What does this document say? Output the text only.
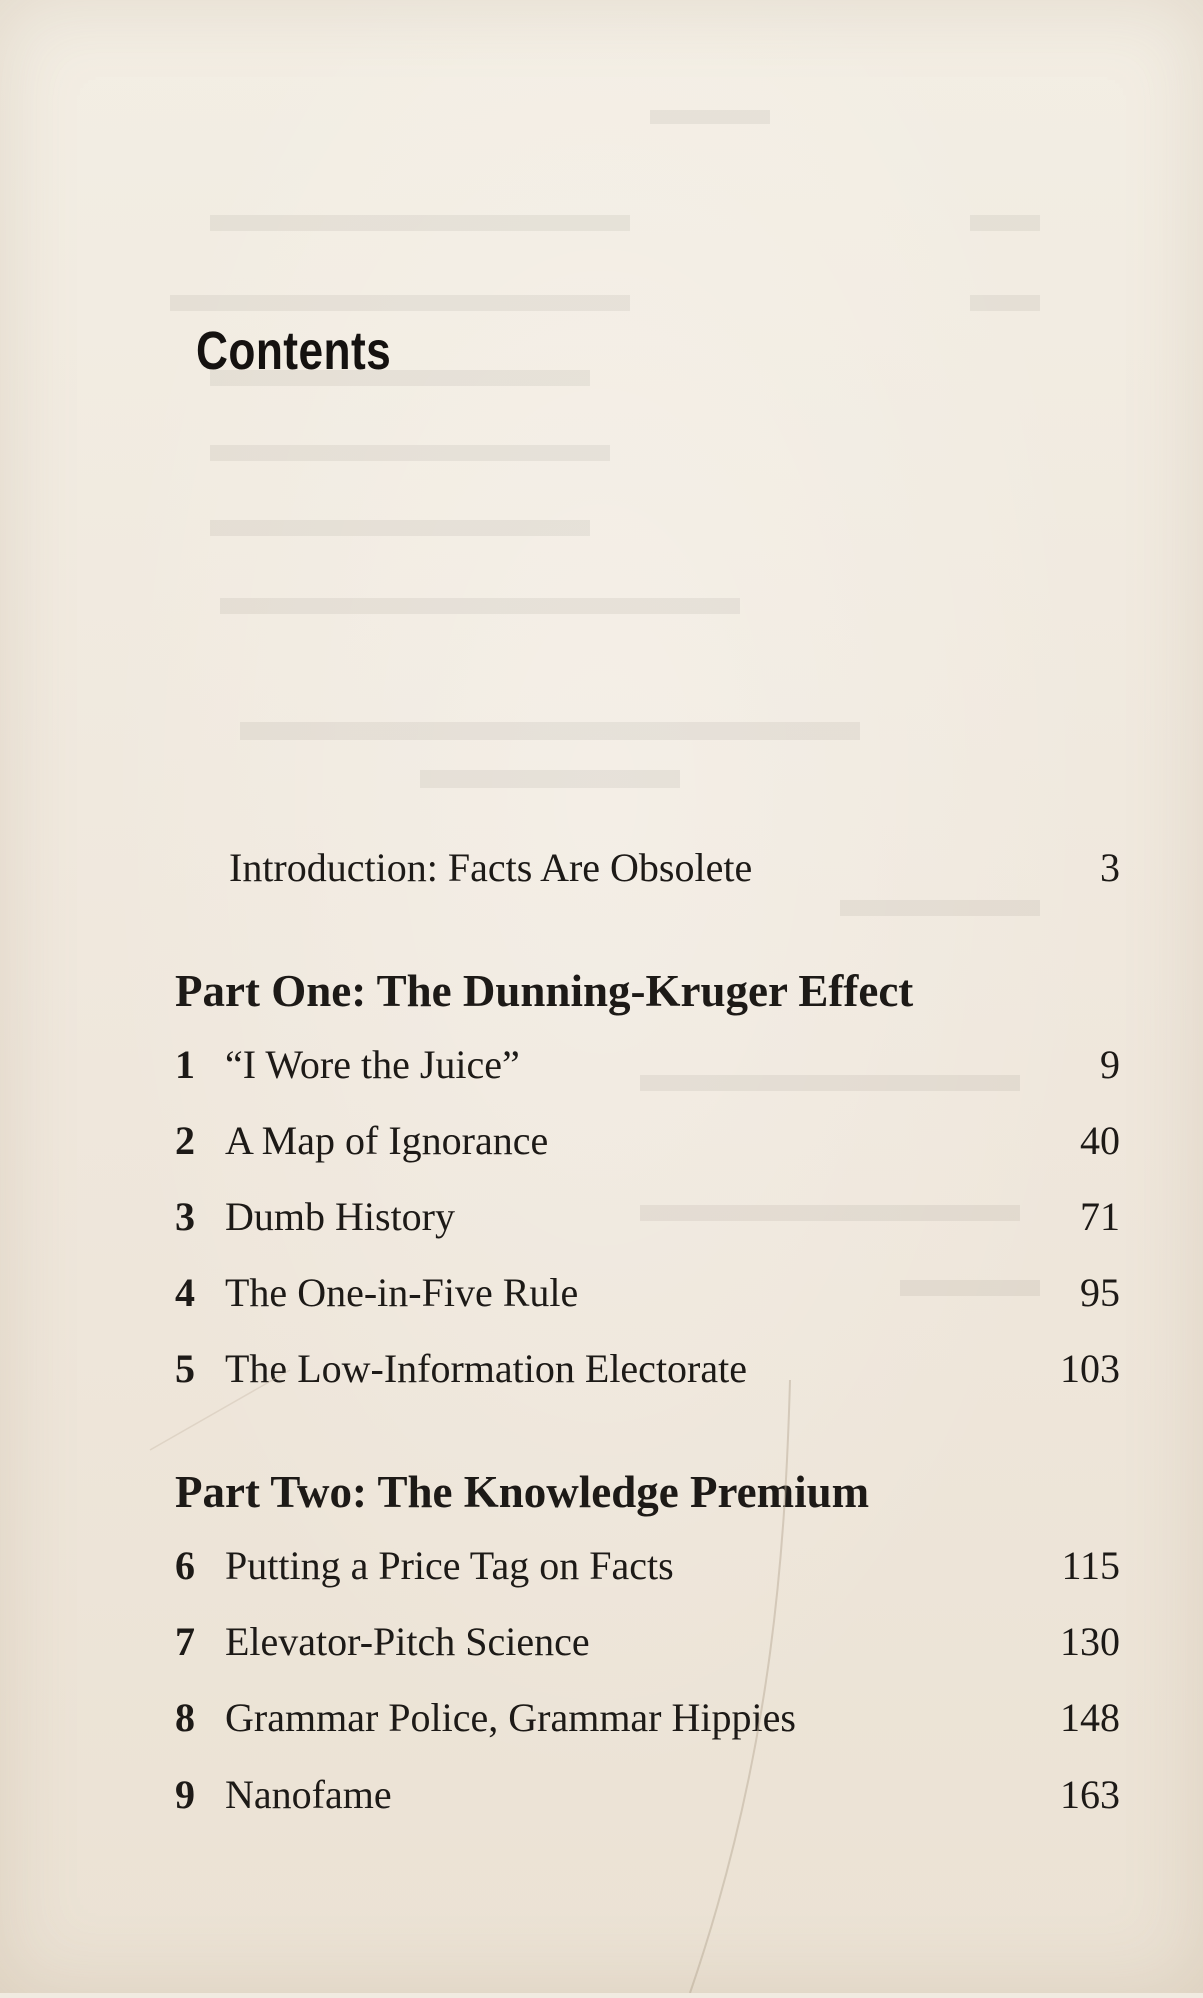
Contents
Introduction: Facts Are Obsolete	3
Part One: The Dunning-Kruger Effect
1 “I Wore the Juice”	9
2 A Map of Ignorance	40
3 Dumb History	71
4 The One-in-Five Rule	95
5 The Low-Information Electorate	103
Part Two: The Knowledge Premium
6 Putting a Price Tag on Facts	115
7 Elevator-Pitch Science	130
8 Grammar Police, Grammar Hippies	148
9 Nanofame	163
